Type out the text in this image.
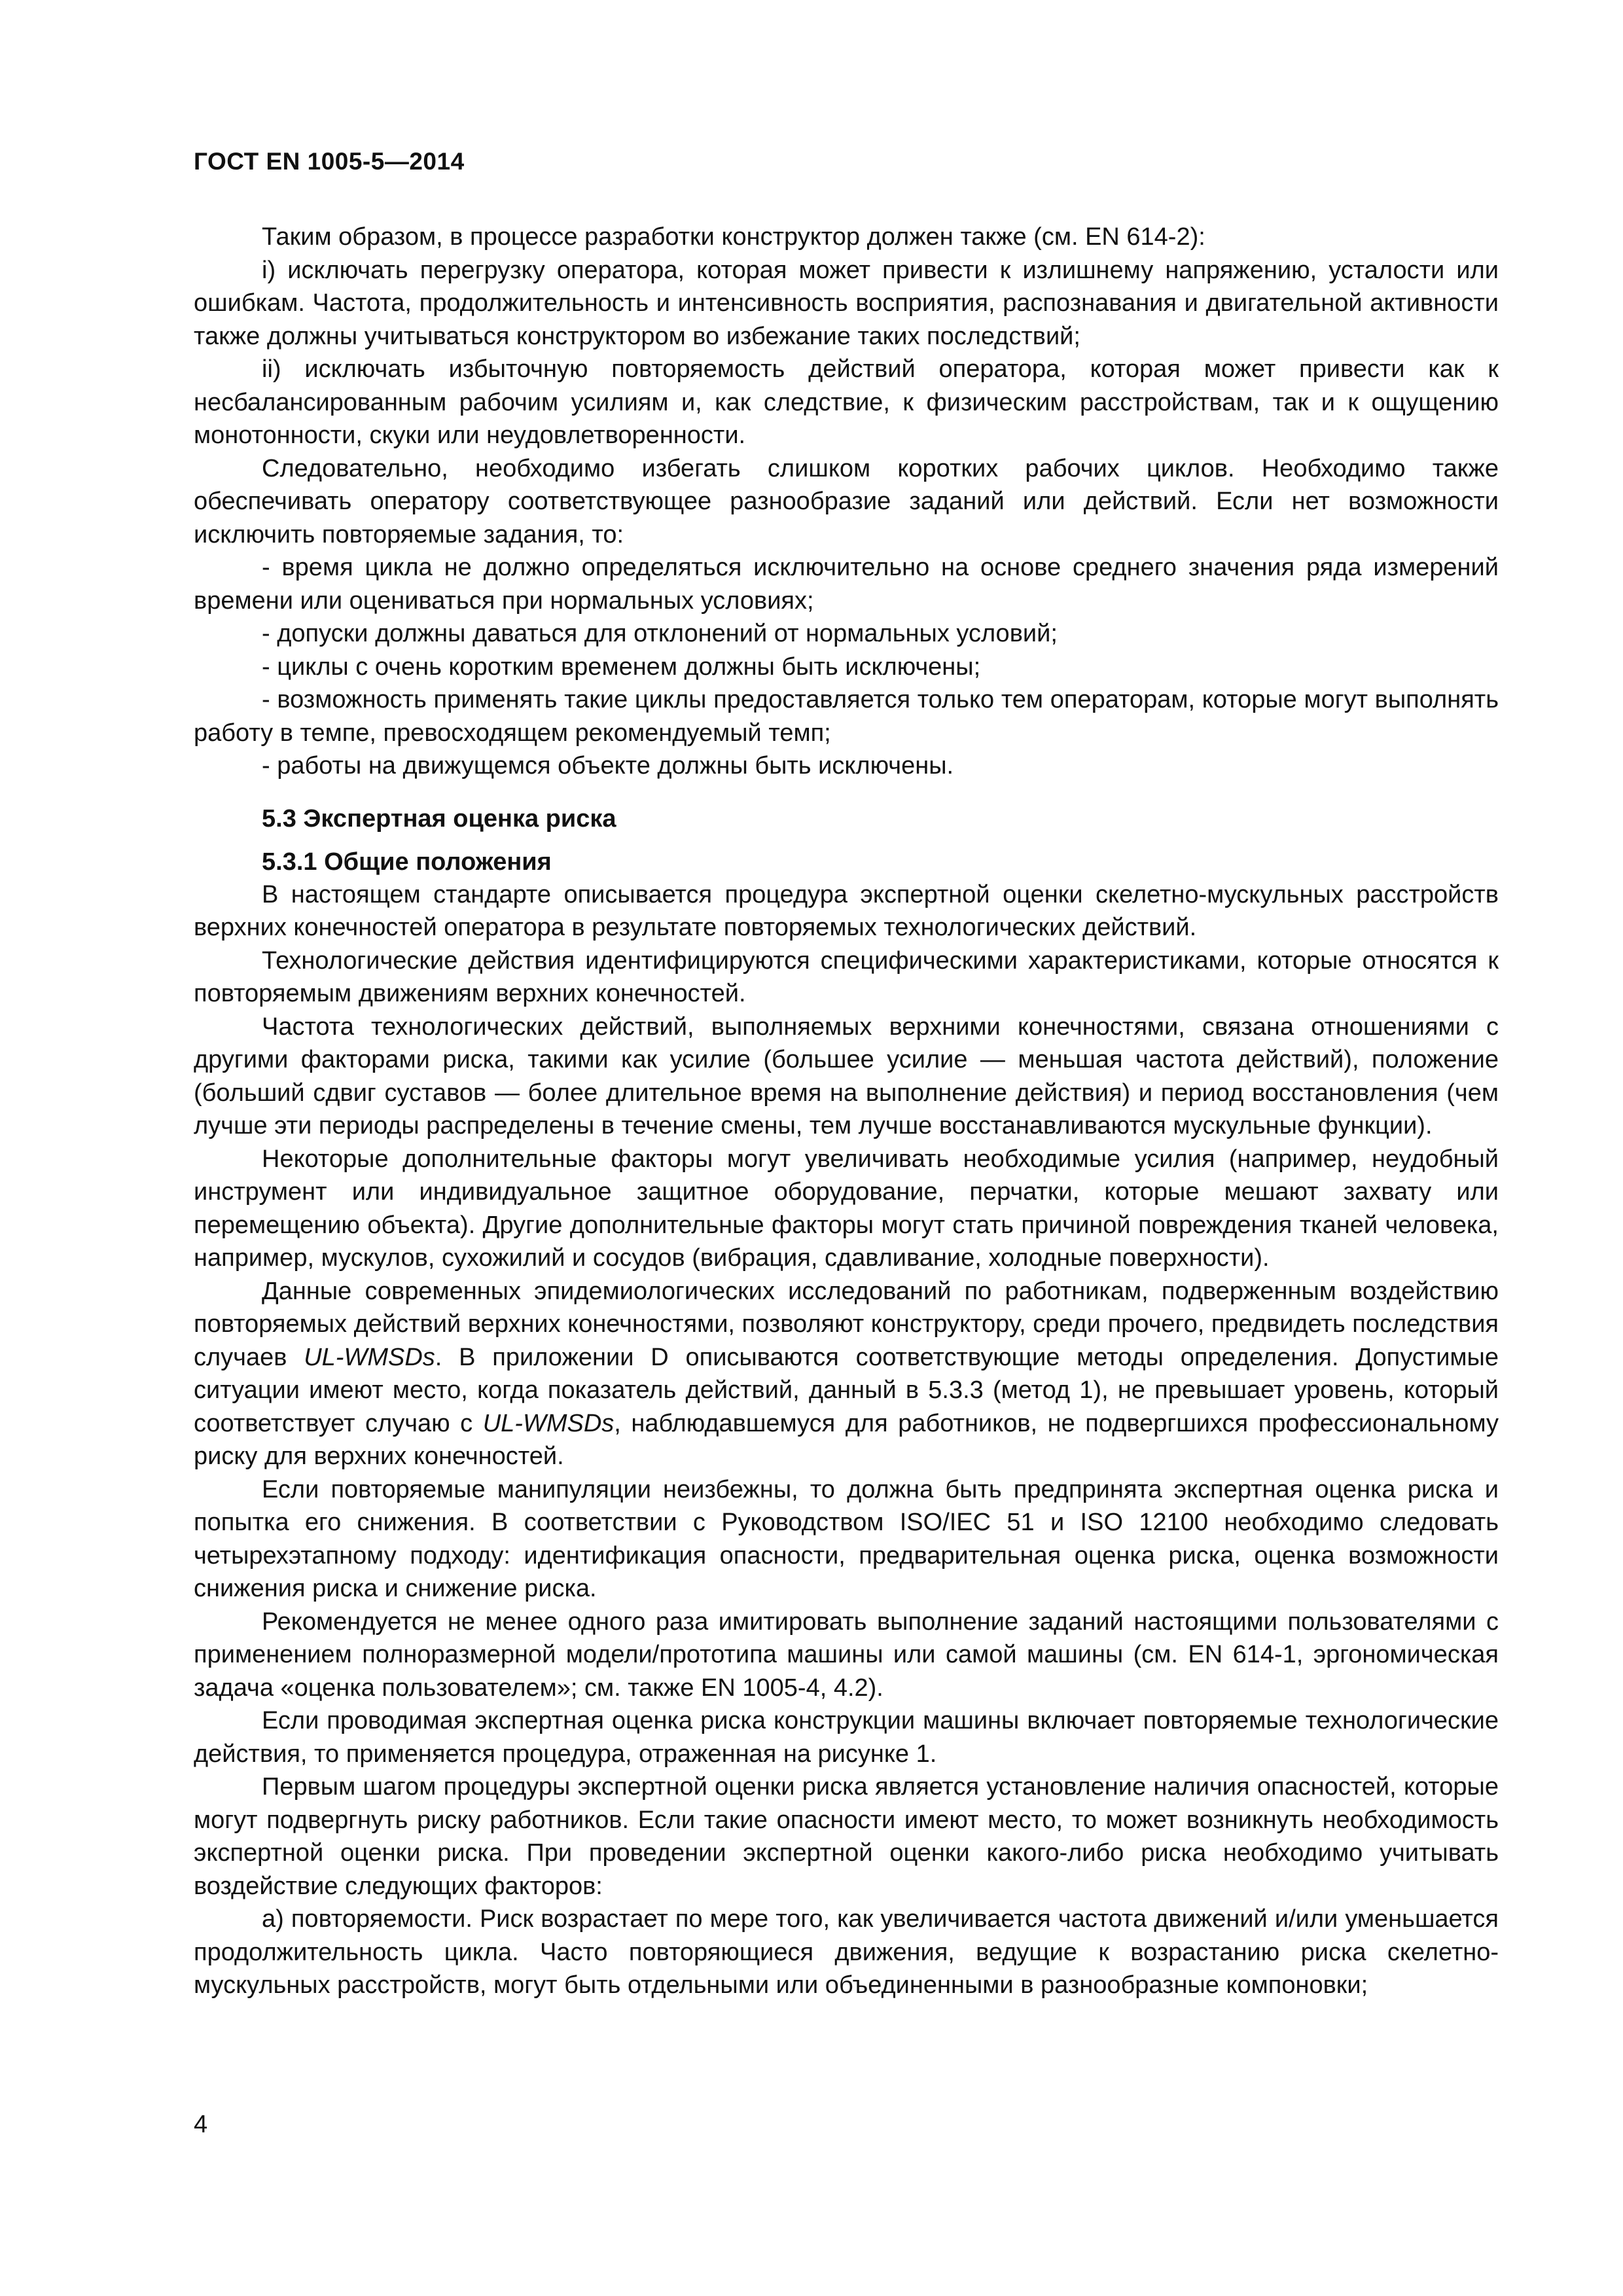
ГОСТ EN 1005-5—2014

Таким образом, в процессе разработки конструктор должен также (см. EN 614-2):

i) исключать перегрузку оператора, которая может привести к излишнему напряжению, усталости или ошибкам. Частота, продолжительность и интенсивность восприятия, распознавания и двигательной активности также должны учитываться конструктором во избежание таких последствий;

ii) исключать избыточную повторяемость действий оператора, которая может привести как к несбалансированным рабочим усилиям и, как следствие, к физическим расстройствам, так и к ощущению монотонности, скуки или неудовлетворенности.

Следовательно, необходимо избегать слишком коротких рабочих циклов. Необходимо также обеспечивать оператору соответствующее разнообразие заданий или действий. Если нет возможности исключить повторяемые задания, то:

- время цикла не должно определяться исключительно на основе среднего значения ряда измерений времени или оцениваться при нормальных условиях;

- допуски должны даваться для отклонений от нормальных условий;

- циклы с очень коротким временем должны быть исключены;

- возможность применять такие циклы предоставляется только тем операторам, которые могут выполнять работу в темпе, превосходящем рекомендуемый темп;

- работы на движущемся объекте должны быть исключены.

5.3 Экспертная оценка риска
5.3.1 Общие положения

В настоящем стандарте описывается процедура экспертной оценки скелетно-мускульных расстройств верхних конечностей оператора в результате повторяемых технологических действий.

Технологические действия идентифицируются специфическими характеристиками, которые относятся к повторяемым движениям верхних конечностей.

Частота технологических действий, выполняемых верхними конечностями, связана отношениями с другими факторами риска, такими как усилие (большее усилие — меньшая частота действий), положение (больший сдвиг суставов — более длительное время на выполнение действия) и период восстановления (чем лучше эти периоды распределены в течение смены, тем лучше восстанавливаются мускульные функции).

Некоторые дополнительные факторы могут увеличивать необходимые усилия (например, неудобный инструмент или индивидуальное защитное оборудование, перчатки, которые мешают захвату или перемещению объекта). Другие дополнительные факторы могут стать причиной повреждения тканей человека, например, мускулов, сухожилий и сосудов (вибрация, сдавливание, холодные поверхности).

Данные современных эпидемиологических исследований по работникам, подверженным воздействию повторяемых действий верхних конечностями, позволяют конструктору, среди прочего, предвидеть последствия случаев UL-WMSDs. В приложении D описываются соответствующие методы определения. Допустимые ситуации имеют место, когда показатель действий, данный в 5.3.3 (метод 1), не превышает уровень, который соответствует случаю с UL-WMSDs, наблюдавшемуся для работников, не подвергшихся профессиональному риску для верхних конечностей.

Если повторяемые манипуляции неизбежны, то должна быть предпринята экспертная оценка риска и попытка его снижения. В соответствии с Руководством ISO/IEC 51 и ISO 12100 необходимо следовать четырехэтапному подходу: идентификация опасности, предварительная оценка риска, оценка возможности снижения риска и снижение риска.

Рекомендуется не менее одного раза имитировать выполнение заданий настоящими пользователями с применением полноразмерной модели/прототипа машины или самой машины (см. EN 614-1, эргономическая задача «оценка пользователем»; см. также EN 1005-4, 4.2).

Если проводимая экспертная оценка риска конструкции машины включает повторяемые технологические действия, то применяется процедура, отраженная на рисунке 1.

Первым шагом процедуры экспертной оценки риска является установление наличия опасностей, которые могут подвергнуть риску работников. Если такие опасности имеют место, то может возникнуть необходимость экспертной оценки риска. При проведении экспертной оценки какого-либо риска необходимо учитывать воздействие следующих факторов:

а) повторяемости. Риск возрастает по мере того, как увеличивается частота движений и/или уменьшается продолжительность цикла. Часто повторяющиеся движения, ведущие к возрастанию риска скелетно-мускульных расстройств, могут быть отдельными или объединенными в разнообразные компоновки;

4
